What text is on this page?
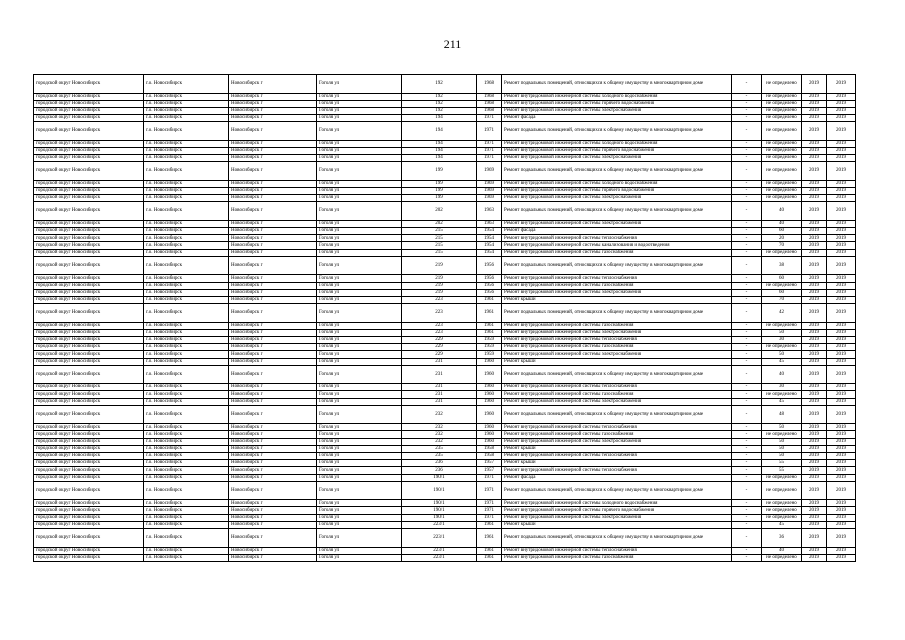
211
городской округ Новосибирск	г.о. Новосибирск	Новосибирск г	Гоголя ул	192	1968	Ремонт подвальных помещений, относящихся к общему имуществу в многоквартирном доме	-	не определено	2019	2019
городской округ Новосибирск	г.о. Новосибирск	Новосибирск г	Гоголя ул	192	1968	Ремонт внутридомовой инженерной системы холодного водоснабжения	-	не определено	2019	2019
городской округ Новосибирск	г.о. Новосибирск	Новосибирск г	Гоголя ул	192	1968	Ремонт внутридомовой инженерной системы горячего водоснабжения	-	не определено	2019	2019
городской округ Новосибирск	г.о. Новосибирск	Новосибирск г	Гоголя ул	192	1968	Ремонт внутридомовой инженерной системы электроснабжения	-	не определено	2019	2019
городской округ Новосибирск	г.о. Новосибирск	Новосибирск г	Гоголя ул	194	1971	Ремонт фасада	-	не определено	2019	2019
городской округ Новосибирск	г.о. Новосибирск	Новосибирск г	Гоголя ул	194	1971	Ремонт подвальных помещений, относящихся к общему имуществу в многоквартирном доме	-	не определено	2019	2019
городской округ Новосибирск	г.о. Новосибирск	Новосибирск г	Гоголя ул	194	1971	Ремонт внутридомовой инженерной системы холодного водоснабжения	-	не определено	2019	2019
городской округ Новосибирск	г.о. Новосибирск	Новосибирск г	Гоголя ул	194	1971	Ремонт внутридомовой инженерной системы горячего водоснабжения	-	не определено	2019	2019
городской округ Новосибирск	г.о. Новосибирск	Новосибирск г	Гоголя ул	194	1971	Ремонт внутридомовой инженерной системы электроснабжения	-	не определено	2019	2019
городской округ Новосибирск	г.о. Новосибирск	Новосибирск г	Гоголя ул	199	1969	Ремонт подвальных помещений, относящихся к общему имуществу в многоквартирном доме	-	не определено	2019	2019
городской округ Новосибирск	г.о. Новосибирск	Новосибирск г	Гоголя ул	199	1969	Ремонт внутридомовой инженерной системы холодного водоснабжения	-	не определено	2019	2019
городской округ Новосибирск	г.о. Новосибирск	Новосибирск г	Гоголя ул	199	1969	Ремонт внутридомовой инженерной системы горячего водоснабжения	-	не определено	2019	2019
городской округ Новосибирск	г.о. Новосибирск	Новосибирск г	Гоголя ул	199	1969	Ремонт внутридомовой инженерной системы электроснабжения	-	не определено	2019	2019
городской округ Новосибирск	г.о. Новосибирск	Новосибирск г	Гоголя ул	202	1963	Ремонт подвальных помещений, относящихся к общему имуществу в многоквартирном доме	-	40	2019	2019
городской округ Новосибирск	г.о. Новосибирск	Новосибирск г	Гоголя ул	202	1963	Ремонт внутридомовой инженерной системы электроснабжения	-	40	2019	2019
городской округ Новосибирск	г.о. Новосибирск	Новосибирск г	Гоголя ул	215	1954	Ремонт фасада	-	60	2019	2019
городской округ Новосибирск	г.о. Новосибирск	Новосибирск г	Гоголя ул	215	1954	Ремонт внутридомовой инженерной системы теплоснабжения	-	20	2019	2019
городской округ Новосибирск	г.о. Новосибирск	Новосибирск г	Гоголя ул	215	1954	Ремонт внутридомовой инженерной системы канализования и водоотведения	-	70	2019	2019
городской округ Новосибирск	г.о. Новосибирск	Новосибирск г	Гоголя ул	215	1954	Ремонт внутридомовой инженерной системы газоснабжения	-	не определено	2019	2019
городской округ Новосибирск	г.о. Новосибирск	Новосибирск г	Гоголя ул	219	1956	Ремонт подвальных помещений, относящихся к общему имуществу в многоквартирном доме	-	38	2019	2019
городской округ Новосибирск	г.о. Новосибирск	Новосибирск г	Гоголя ул	219	1956	Ремонт внутридомовой инженерной системы теплоснабжения	-	60	2019	2019
городской округ Новосибирск	г.о. Новосибирск	Новосибирск г	Гоголя ул	219	1956	Ремонт внутридомовой инженерной системы газоснабжения	-	не определено	2019	2019
городской округ Новосибирск	г.о. Новосибирск	Новосибирск г	Гоголя ул	219	1956	Ремонт внутридомовой инженерной системы электроснабжения	-	60	2019	2019
городской округ Новосибирск	г.о. Новосибирск	Новосибирск г	Гоголя ул	223	1961	Ремонт крыши	-	70	2019	2019
городской округ Новосибирск	г.о. Новосибирск	Новосибирск г	Гоголя ул	223	1961	Ремонт подвальных помещений, относящихся к общему имуществу в многоквартирном доме	-	42	2019	2019
городской округ Новосибирск	г.о. Новосибирск	Новосибирск г	Гоголя ул	223	1961	Ремонт внутридомовой инженерной системы газоснабжения	-	не определено	2019	2019
городской округ Новосибирск	г.о. Новосибирск	Новосибирск г	Гоголя ул	223	1961	Ремонт внутридомовой инженерной системы электроснабжения	-	50	2019	2019
городской округ Новосибирск	г.о. Новосибирск	Новосибирск г	Гоголя ул	229	1959	Ремонт внутридомовой инженерной системы теплоснабжения	-	30	2019	2019
городской округ Новосибирск	г.о. Новосибирск	Новосибирск г	Гоголя ул	229	1959	Ремонт внутридомовой инженерной системы газоснабжения	-	не определено	2019	2019
городской округ Новосибирск	г.о. Новосибирск	Новосибирск г	Гоголя ул	229	1959	Ремонт внутридомовой инженерной системы электроснабжения	-	50	2019	2019
городской округ Новосибирск	г.о. Новосибирск	Новосибирск г	Гоголя ул	231	1960	Ремонт крыши	-	45	2019	2019
городской округ Новосибирск	г.о. Новосибирск	Новосибирск г	Гоголя ул	231	1960	Ремонт подвальных помещений, относящихся к общему имуществу в многоквартирном доме	-	40	2019	2019
городской округ Новосибирск	г.о. Новосибирск	Новосибирск г	Гоголя ул	231	1960	Ремонт внутридомовой инженерной системы теплоснабжения	-	30	2019	2019
городской округ Новосибирск	г.о. Новосибирск	Новосибирск г	Гоголя ул	231	1960	Ремонт внутридомовой инженерной системы газоснабжения	-	не определено	2019	2019
городской округ Новосибирск	г.о. Новосибирск	Новосибирск г	Гоголя ул	231	1960	Ремонт внутридомовой инженерной системы электроснабжения	-	45	2019	2019
городской округ Новосибирск	г.о. Новосибирск	Новосибирск г	Гоголя ул	232	1960	Ремонт подвальных помещений, относящихся к общему имуществу в многоквартирном доме	-	48	2019	2019
городской округ Новосибирск	г.о. Новосибирск	Новосибирск г	Гоголя ул	232	1960	Ремонт внутридомовой инженерной системы теплоснабжения	-	50	2019	2019
городской округ Новосибирск	г.о. Новосибирск	Новосибирск г	Гоголя ул	232	1960	Ремонт внутридомовой инженерной системы газоснабжения	-	не определено	2019	2019
городской округ Новосибирск	г.о. Новосибирск	Новосибирск г	Гоголя ул	232	1960	Ремонт внутридомовой инженерной системы электроснабжения	-	50	2019	2019
городской округ Новосибирск	г.о. Новосибирск	Новосибирск г	Гоголя ул	235	1958	Ремонт крыши	-	50	2019	2019
городской округ Новосибирск	г.о. Новосибирск	Новосибирск г	Гоголя ул	235	1958	Ремонт внутридомовой инженерной системы теплоснабжения	-	50	2019	2019
городской округ Новосибирск	г.о. Новосибирск	Новосибирск г	Гоголя ул	236	1957	Ремонт крыши	-	55	2019	2019
городской округ Новосибирск	г.о. Новосибирск	Новосибирск г	Гоголя ул	236	1957	Ремонт внутридомовой инженерной системы теплоснабжения	-	55	2019	2019
городской округ Новосибирск	г.о. Новосибирск	Новосибирск г	Гоголя ул	190/1	1971	Ремонт фасада	-	не определено	2019	2019
городской округ Новосибирск	г.о. Новосибирск	Новосибирск г	Гоголя ул	190/1	1971	Ремонт подвальных помещений, относящихся к общему имуществу в многоквартирном доме	-	не определено	2019	2019
городской округ Новосибирск	г.о. Новосибирск	Новосибирск г	Гоголя ул	190/1	1971	Ремонт внутридомовой инженерной системы холодного водоснабжения	-	не определено	2019	2019
городской округ Новосибирск	г.о. Новосибирск	Новосибирск г	Гоголя ул	190/1	1971	Ремонт внутридомовой инженерной системы горячего водоснабжения	-	не определено	2019	2019
городской округ Новосибирск	г.о. Новосибирск	Новосибирск г	Гоголя ул	190/1	1971	Ремонт внутридомовой инженерной системы электроснабжения	-	не определено	2019	2019
городской округ Новосибирск	г.о. Новосибирск	Новосибирск г	Гоголя ул	223/1	1961	Ремонт крыши	-	45	2019	2019
городской округ Новосибирск	г.о. Новосибирск	Новосибирск г	Гоголя ул	223/1	1961	Ремонт подвальных помещений, относящихся к общему имуществу в многоквартирном доме	-	36	2019	2019
городской округ Новосибирск	г.о. Новосибирск	Новосибирск г	Гоголя ул	223/1	1961	Ремонт внутридомовой инженерной системы теплоснабжения	-	40	2019	2019
городской округ Новосибирск	г.о. Новосибирск	Новосибирск г	Гоголя ул	223/1	1961	Ремонт внутридомовой инженерной системы газоснабжения	-	не определено	2019	2019
